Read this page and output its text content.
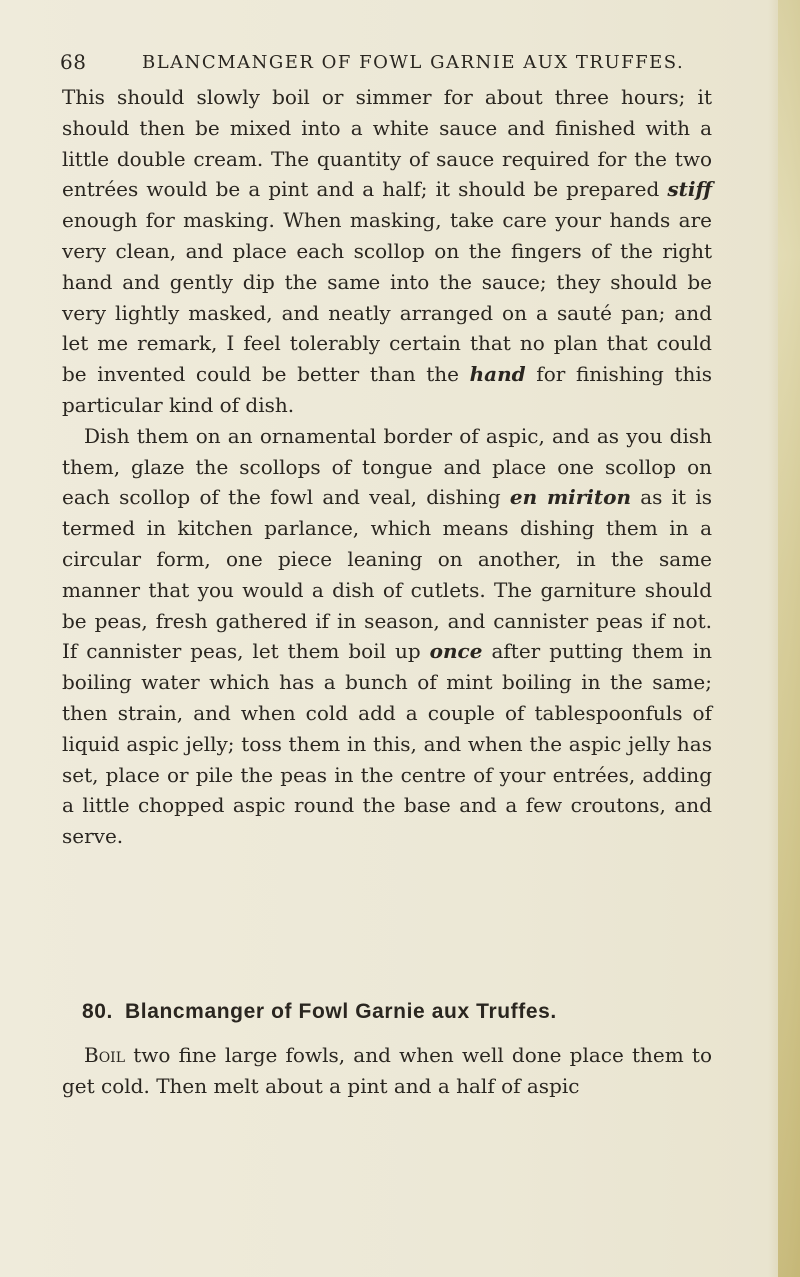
68	BLANCMANGER OF FOWL GARNIE AUX TRUFFES.

This should slowly boil or simmer for about three hours; it should then be mixed into a white sauce and finished with a little double cream. The quantity of sauce required for the two entrées would be a pint and a half; it should be prepared stiff enough for masking. When masking, take care your hands are very clean, and place each scollop on the fingers of the right hand and gently dip the same into the sauce; they should be very lightly masked, and neatly arranged on a sauté pan; and let me remark, I feel tolerably certain that no plan that could be invented could be better than the hand for finishing this particular kind of dish.

Dish them on an ornamental border of aspic, and as you dish them, glaze the scollops of tongue and place one scollop on each scollop of the fowl and veal, dishing en miriton as it is termed in kitchen parlance, which means dishing them in a circular form, one piece leaning on another, in the same manner that you would a dish of cutlets. The garniture should be peas, fresh gathered if in season, and cannister peas if not. If cannister peas, let them boil up once after putting them in boiling water which has a bunch of mint boiling in the same; then strain, and when cold add a couple of tablespoonfuls of liquid aspic jelly; toss them in this, and when the aspic jelly has set, place or pile the peas in the centre of your entrées, adding a little chopped aspic round the base and a few croutons, and serve.

80. Blancmanger of Fowl Garnie aux Truffes.

Boil two fine large fowls, and when well done place them to get cold. Then melt about a pint and a half of aspic
